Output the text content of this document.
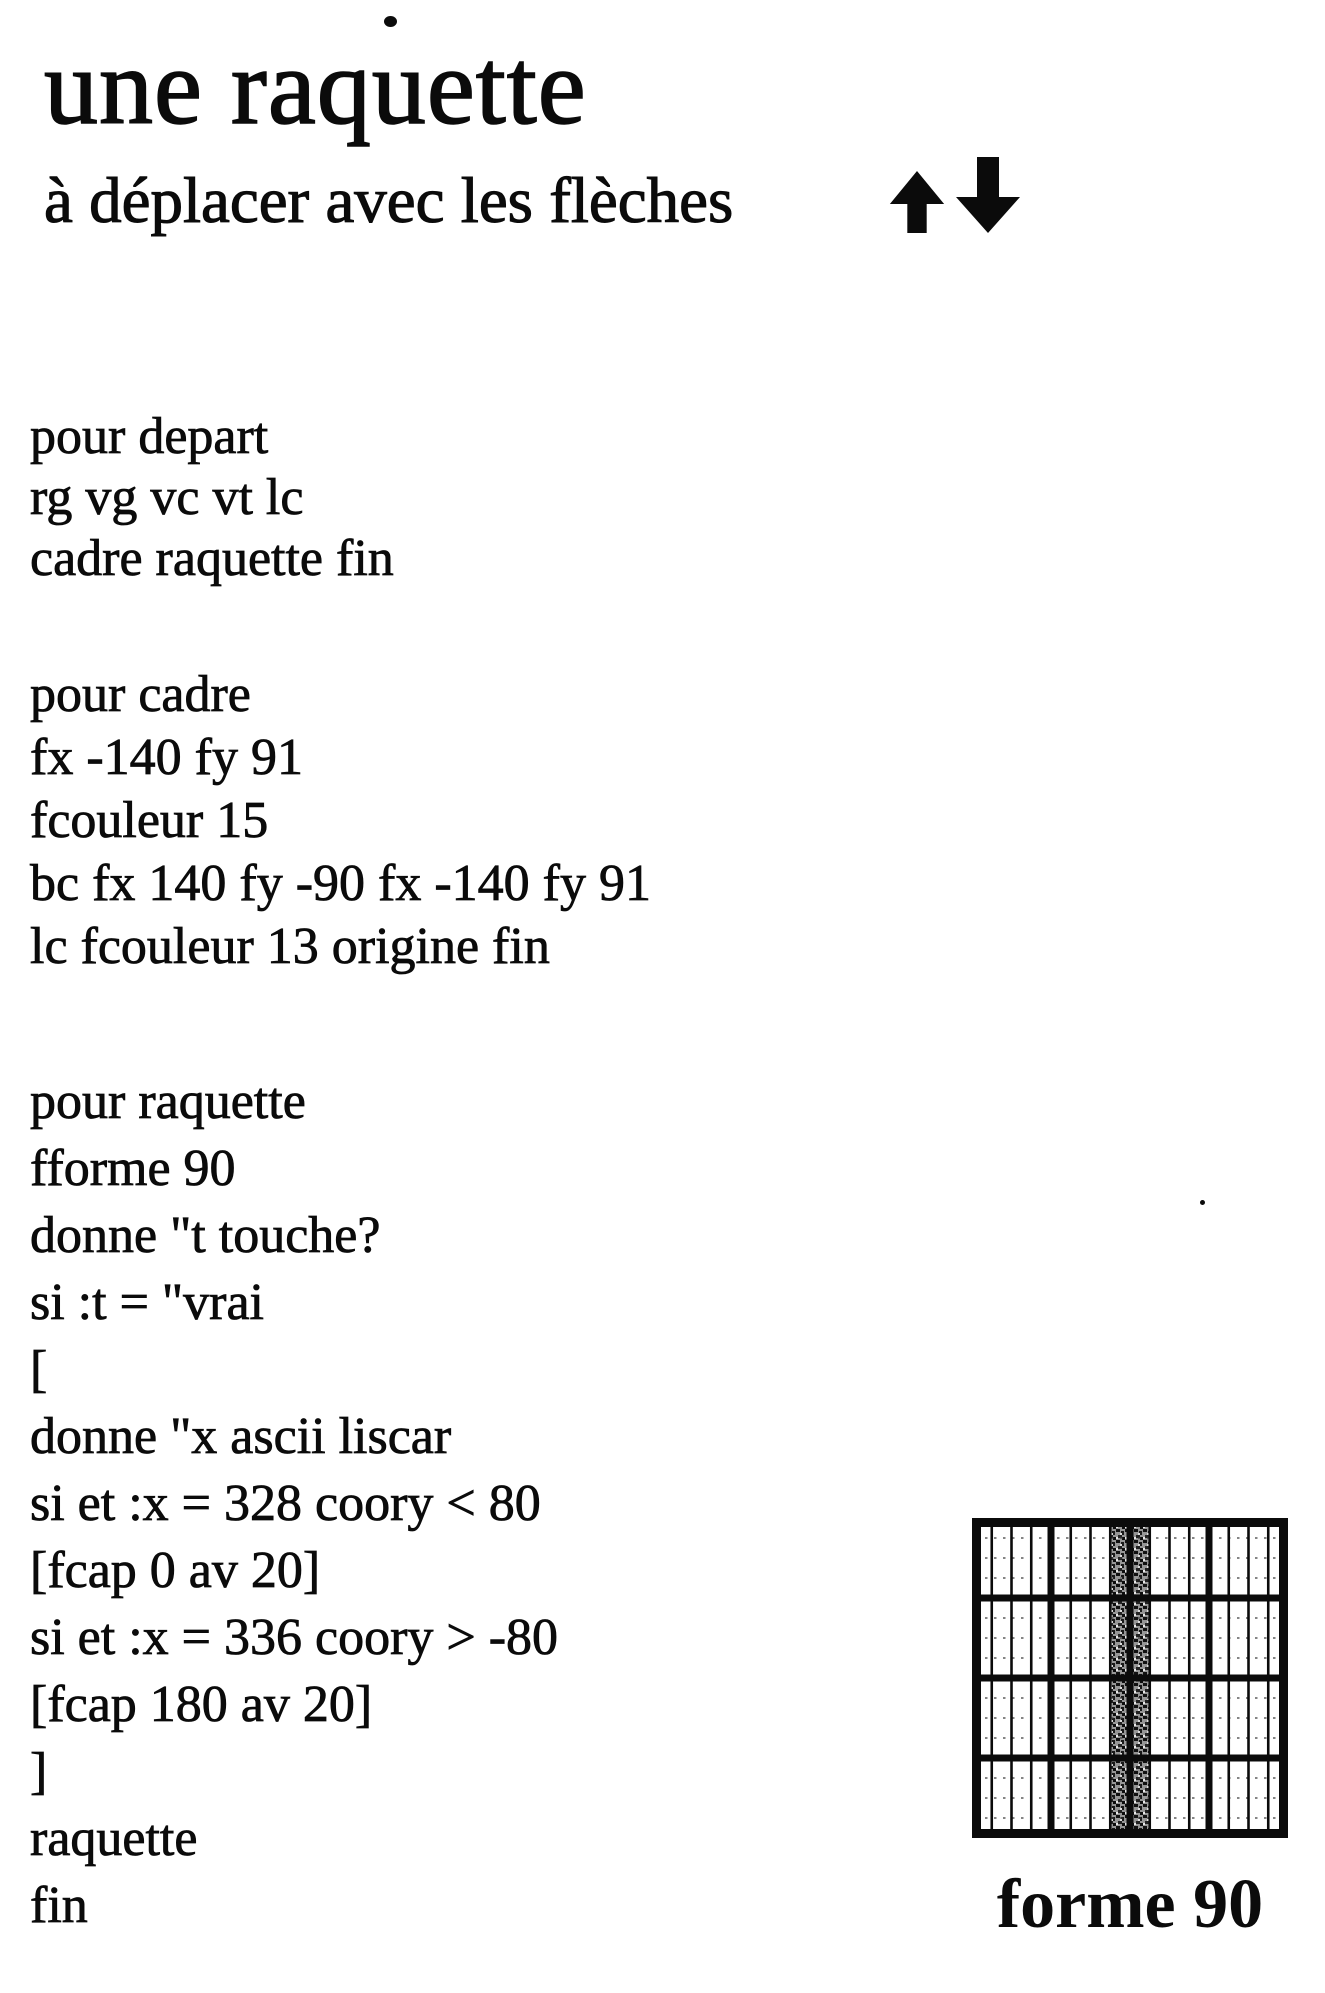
une raquette
à déplacer avec les flèches
pour depart
rg vg vc vt lc
cadre raquette fin
pour cadre
fx -140 fy 91
fcouleur 15
bc fx 140 fy -90 fx -140 fy 91
lc fcouleur 13 origine fin
pour raquette
fforme 90
donne "t touche?
si :t = "vrai
[
donne "x ascii liscar
si et :x = 328 coory < 80
[fcap 0 av 20]
si et :x = 336 coory > -80
[fcap 180 av 20]
]
raquette
fin	forme 90
